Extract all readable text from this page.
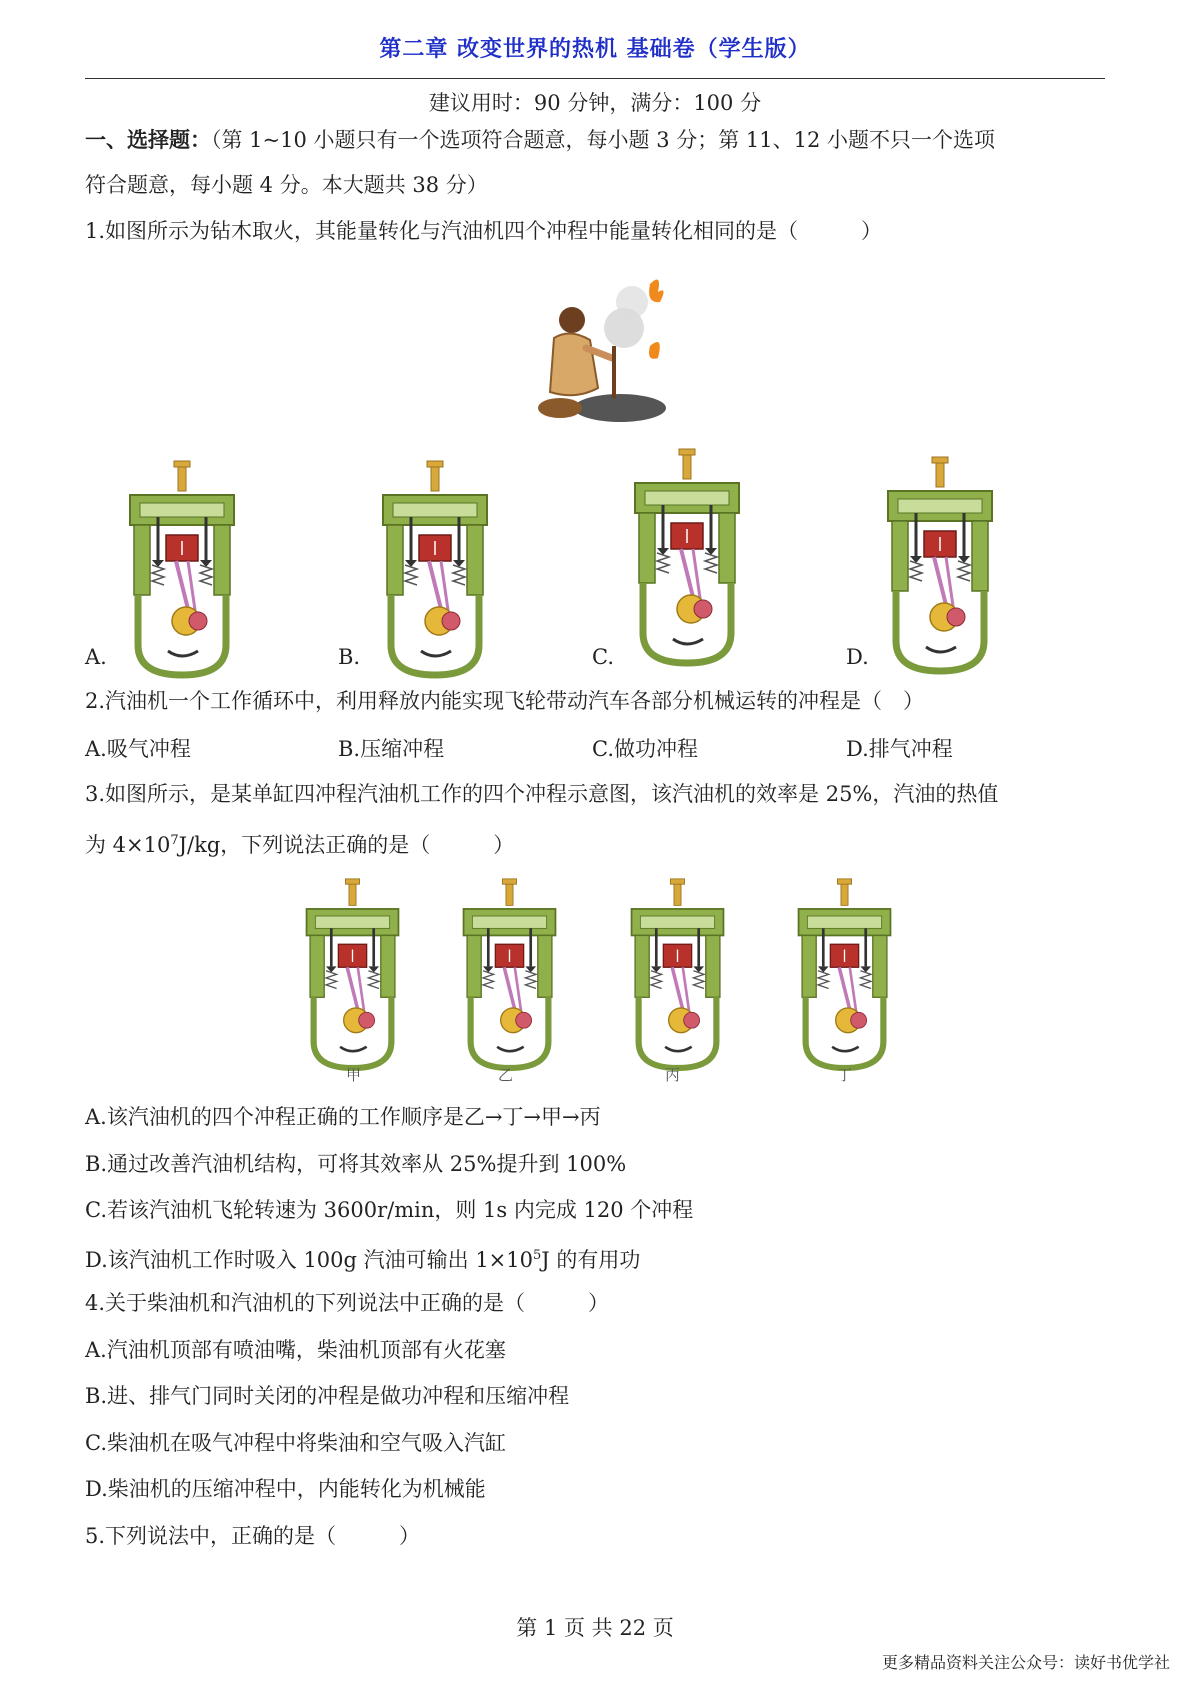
第二章 改变世界的热机 基础卷（学生版）
建议用时：90 分钟，满分：100 分
一、选择题：（第 1~10 小题只有一个选项符合题意，每小题 3 分；第 11、12 小题不只一个选项
符合题意，每小题 4 分。本大题共 38 分）
1.如图所示为钻木取火，其能量转化与汽油机四个冲程中能量转化相同的是（　　　）
A.	B.	C.	D.
2.汽油机一个工作循环中，利用释放内能实现飞轮带动汽车各部分机械运转的冲程是（　）
A.吸气冲程	B.压缩冲程	C.做功冲程	D.排气冲程
3.如图所示，是某单缸四冲程汽油机工作的四个冲程示意图，该汽油机的效率是 25%，汽油的热值
为 $4\times 10^7J/kg$，下列说法正确的是（　　　）
甲	乙	丙	丁
A.该汽油机的四个冲程正确的工作顺序是乙→丁→甲→丙
B.通过改善汽油机结构，可将其效率从 25%提升到 100%
C.若该汽油机飞轮转速为 3600r/min，则 1s 内完成 120 个冲程
D.该汽油机工作时吸入 100g 汽油可输出 $1\times 10^5J$ 的有用功
4.关于柴油机和汽油机的下列说法中正确的是（　　　）
A.汽油机顶部有喷油嘴，柴油机顶部有火花塞
B.进、排气门同时关闭的冲程是做功冲程和压缩冲程
C.柴油机在吸气冲程中将柴油和空气吸入汽缸
D.柴油机的压缩冲程中，内能转化为机械能
5.下列说法中，正确的是（　　　）
第 1 页 共 22 页
更多精品资料关注公众号：读好书优学社
